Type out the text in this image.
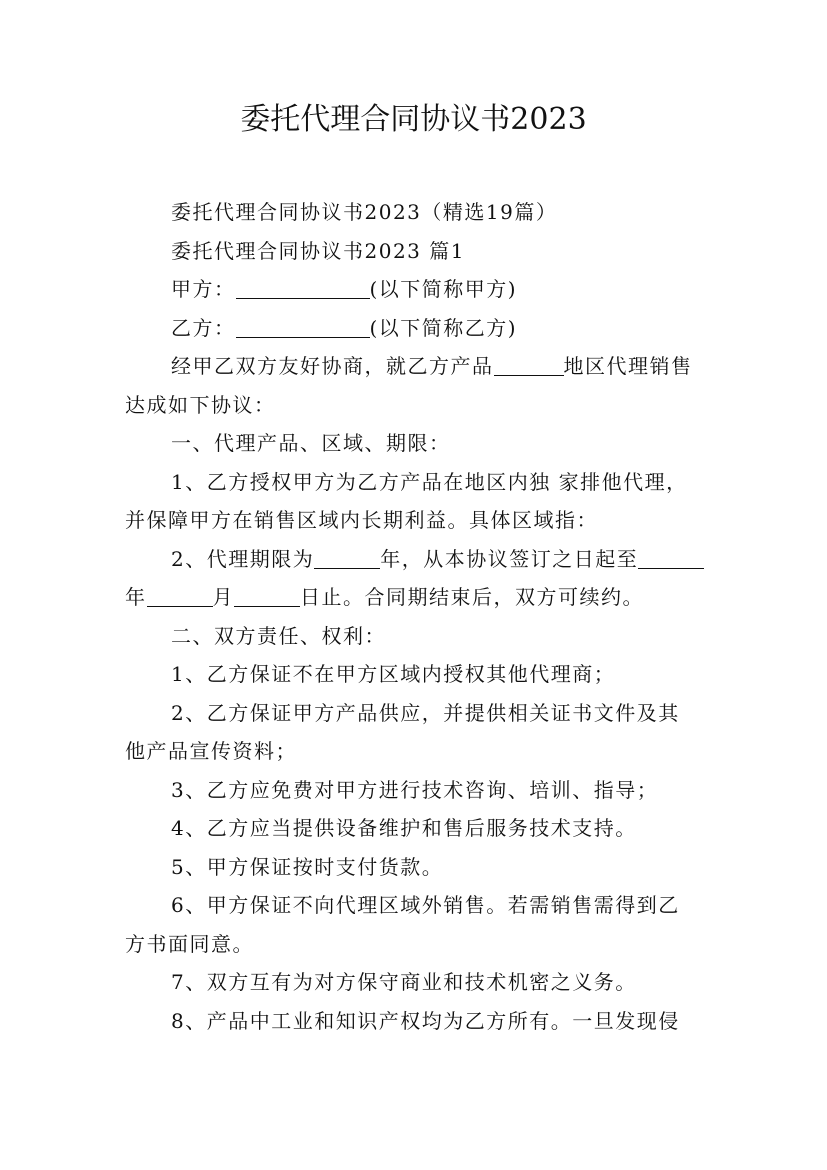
委托代理合同协议书2023
委托代理合同协议书2023（精选19篇）
委托代理合同协议书2023 篇1
甲方：	(以下简称甲方)
乙方：	(以下简称乙方)
经甲乙双方友好协商，就乙方产品	地区代理销售
达成如下协议：
一、代理产品、区域、期限：
1、乙方授权甲方为乙方产品在地区内独 家排他代理，
并保障甲方在销售区域内长期利益。具体区域指：
2、代理期限为	年，从本协议签订之日起至
年	月	日止。合同期结束后，双方可续约。
二、双方责任、权利：
1、乙方保证不在甲方区域内授权其他代理商；
2、乙方保证甲方产品供应，并提供相关证书文件及其
他产品宣传资料；
3、乙方应免费对甲方进行技术咨询、培训、指导；
4、乙方应当提供设备维护和售后服务技术支持。
5、甲方保证按时支付货款。
6、甲方保证不向代理区域外销售。若需销售需得到乙
方书面同意。
7、双方互有为对方保守商业和技术机密之义务。
8、产品中工业和知识产权均为乙方所有。一旦发现侵
